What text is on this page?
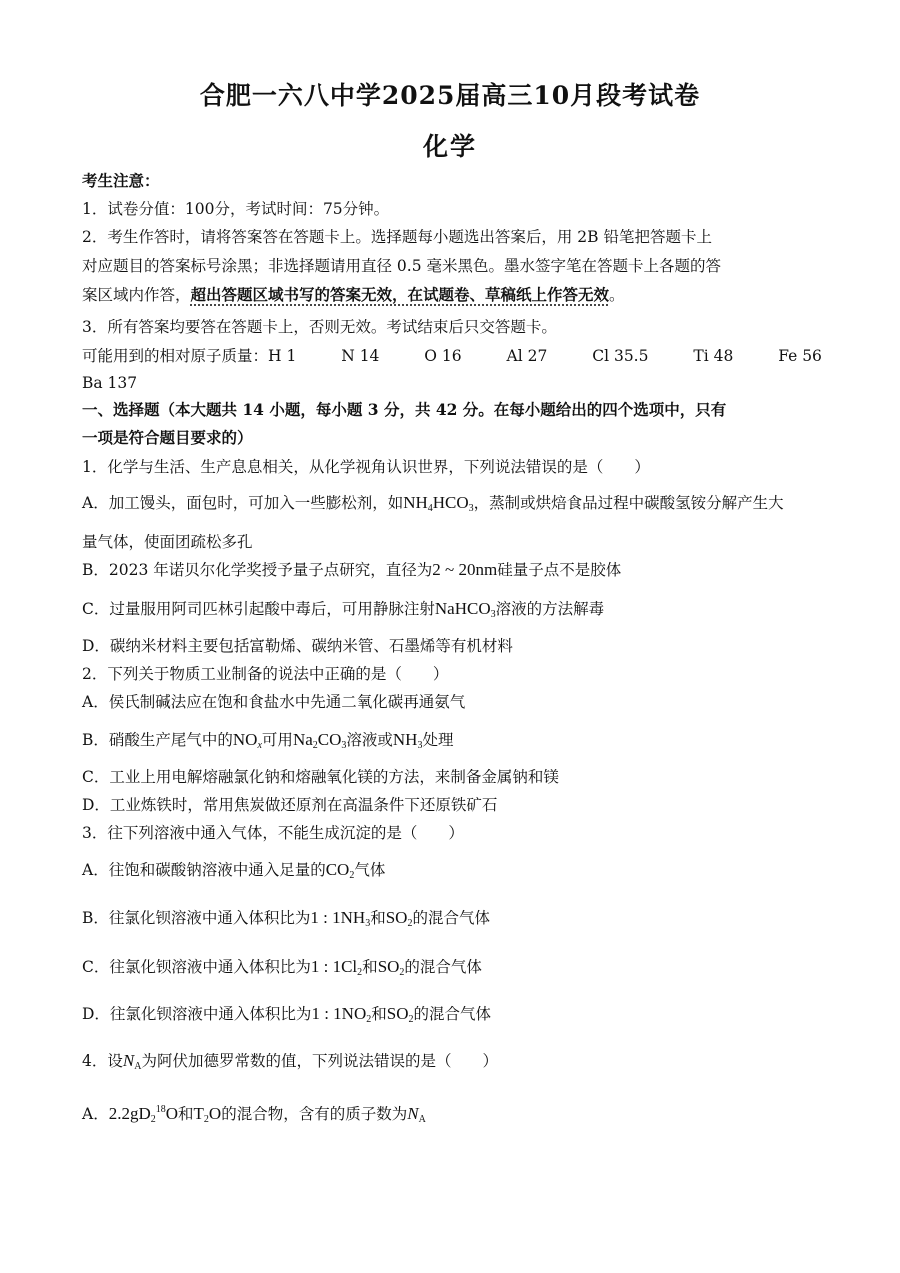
合肥一六八中学2025届高三10月段考试卷
化学
考生注意：
1．试卷分值：100分，考试时间：75分钟。
2．考生作答时，请将答案答在答题卡上。选择题每小题选出答案后，用 2B 铅笔把答题卡上
对应题目的答案标号涂黑；非选择题请用直径 0.5 毫米黑色。墨水签字笔在答题卡上各题的答
案区域内作答，超出答题区域书写的答案无效，在试题卷、草稿纸上作答无效。
3．所有答案均要答在答题卡上，否则无效。考试结束后只交答题卡。
可能用到的相对原子质量：H 1	N 14	O 16	Al 27	Cl 35.5	Ti 48	Fe 56
Ba 137
一、选择题（本大题共 14 小题，每小题 3 分，共 42 分。在每小题给出的四个选项中，只有
一项是符合题目要求的）
1．化学与生活、生产息息相关，从化学视角认识世界，下列说法错误的是（　　）
A．加工馒头，面包时，可加入一些膨松剂，如$NH_4HCO_3$，蒸制或烘焙食品过程中碳酸氢铵分解产生大
量气体，使面团疏松多孔
B．2023 年诺贝尔化学奖授予量子点研究，直径为2 ~ 20nm硅量子点不是胶体
C．过量服用阿司匹林引起酸中毒后，可用静脉注射NaHCO$_3$溶液的方法解毒
D．碳纳米材料主要包括富勒烯、碳纳米管、石墨烯等有机材料
2．下列关于物质工业制备的说法中正确的是（　　）
A．侯氏制碱法应在饱和食盐水中先通二氧化碳再通氨气
B．硝酸生产尾气中的$NO_x$可用$Na_2CO_3$溶液或$NH_3$处理
C．工业上用电解熔融氯化钠和熔融氧化镁的方法，来制备金属钠和镁
D．工业炼铁时，常用焦炭做还原剂在高温条件下还原铁矿石
3．往下列溶液中通入气体，不能生成沉淀的是（　　）
A．往饱和碳酸钠溶液中通入足量的$CO_2$气体
B．往氯化钡溶液中通入体积比为1 : $1NH_3$和$SO_2$的混合气体
C．往氯化钡溶液中通入体积比为1 : $1Cl_2$和$SO_2$的混合气体
D．往氯化钡溶液中通入体积比为1 : $1NO_2$和$SO_2$的混合气体
4．设$N_A$为阿伏加德罗常数的值，下列说法错误的是（　　）
A．$2.2gD_2^{18}O$和$T_2O$的混合物，含有的质子数为$N_A$
